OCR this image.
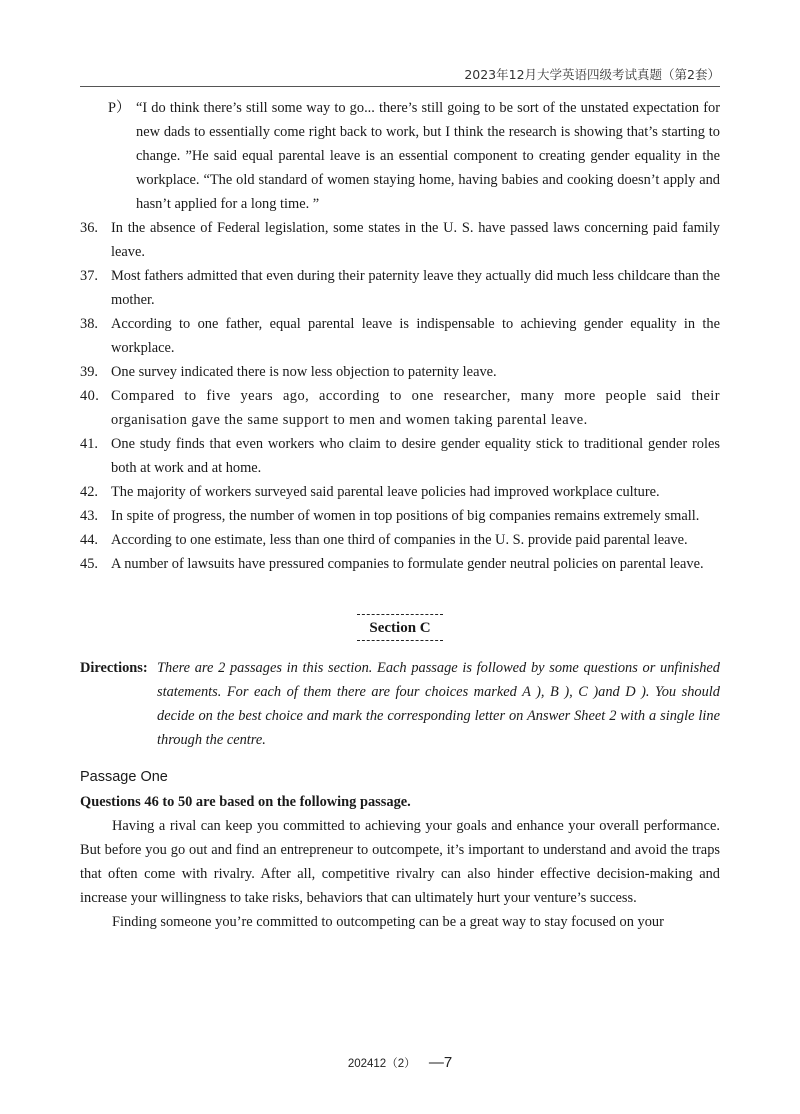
2023年12月大学英语四级考试真题（第2套）
P） “I do think there’s still some way to go... there’s still going to be sort of the unstated expectation for new dads to essentially come right back to work, but I think the research is showing that’s starting to change. ”He said equal parental leave is an essential component to creating gender equality in the workplace. “The old standard of women staying home, having babies and cooking doesn’t apply and hasn’t applied for a long time. ”
36. In the absence of Federal legislation, some states in the U. S. have passed laws concerning paid family leave.
37. Most fathers admitted that even during their paternity leave they actually did much less childcare than the mother.
38. According to one father, equal parental leave is indispensable to achieving gender equality in the workplace.
39. One survey indicated there is now less objection to paternity leave.
40. Compared to five years ago, according to one researcher, many more people said their organisation gave the same support to men and women taking parental leave.
41. One study finds that even workers who claim to desire gender equality stick to traditional gender roles both at work and at home.
42. The majority of workers surveyed said parental leave policies had improved workplace culture.
43. In spite of progress, the number of women in top positions of big companies remains extremely small.
44. According to one estimate, less than one third of companies in the U. S. provide paid parental leave.
45. A number of lawsuits have pressured companies to formulate gender neutral policies on parental leave.
Section C
Directions: There are 2 passages in this section. Each passage is followed by some questions or unfinished statements. For each of them there are four choices marked A ), B ), C )and D ). You should decide on the best choice and mark the corresponding letter on Answer Sheet 2 with a single line through the centre.
Passage One
Questions 46 to 50 are based on the following passage.
Having a rival can keep you committed to achieving your goals and enhance your overall performance. But before you go out and find an entrepreneur to outcompete, it’s important to understand and avoid the traps that often come with rivalry. After all, competitive rivalry can also hinder effective decision-making and increase your willingness to take risks, behaviors that can ultimately hurt your venture’s success.
Finding someone you’re committed to outcompeting can be a great way to stay focused on your
202412（2） —7
